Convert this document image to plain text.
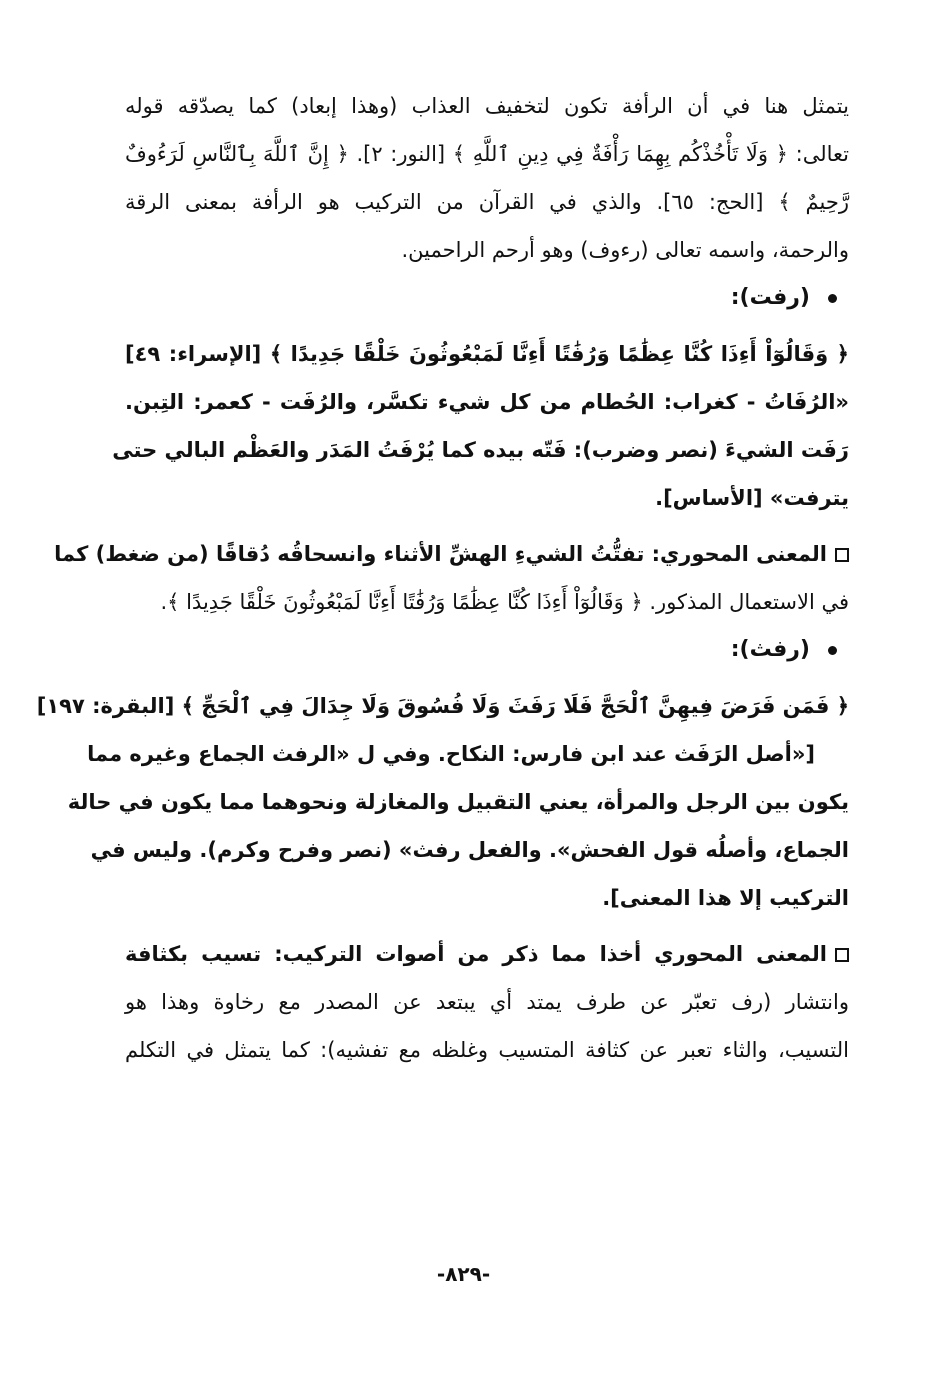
يتمثل هنا في أن الرأفة تكون لتخفيف العذاب (وهذا إبعاد) كما يصدّقه قوله
تعالى: ﴿ وَلَا تَأْخُذْكُم بِهِمَا رَأْفَةٌ فِي دِينِ ٱللَّهِ ﴾ [النور: ٢]. ﴿ إِنَّ ٱللَّهَ بِٱلنَّاسِ لَرَءُوفٌ
رَّحِيمٌ ﴾ [الحج: ٦٥]. والذي في القرآن من التركيب هو الرأفة بمعنى الرقة
والرحمة، واسمه تعالى (رءوف) وهو أرحم الراحمين.
(رفت):
﴿ وَقَالُوٓاْ أَءِذَا كُنَّا عِظَٰمًا وَرُفَٰتًا أَءِنَّا لَمَبْعُوثُونَ خَلْقًا جَدِيدًا ﴾ [الإسراء: ٤٩]
«الرُفَاتُ - كغراب: الحُطام من كل شيء تكسَّر، والرُفَت - كعمر: التِبن.
رَفَت الشيءَ (نصر وضرب): فَتّه بيده كما يُرْفَتُ المَدَر والعَظْم البالي حتى
يترفت» [الأساس].
المعنى المحوري: تفتُّتُ الشيءِ الهشِّ الأثناء وانسحاقُه دُقاقًا (من ضغط) كما
في الاستعمال المذكور. ﴿ وَقَالُوٓاْ أَءِذَا كُنَّا عِظَٰمًا وَرُفَٰتًا أَءِنَّا لَمَبْعُوثُونَ خَلْقًا جَدِيدًا ﴾.
(رفث):
﴿ فَمَن فَرَضَ فِيهِنَّ ٱلْحَجَّ فَلَا رَفَثَ وَلَا فُسُوقَ وَلَا جِدَالَ فِي ٱلْحَجِّ ﴾ [البقرة: ١٩٧]
[«أصل الرَفَث عند ابن فارس: النكاح. وفي ل «الرفث الجماع وغيره مما
يكون بين الرجل والمرأة، يعني التقبيل والمغازلة ونحوهما مما يكون في حالة
الجماع، وأصلُه قول الفحش». والفعل رفث» (نصر وفرح وكرم). وليس في
التركيب إلا هذا المعنى].
المعنى المحوري أخذا مما ذكر من أصوات التركيب: تسيب بكثافة
وانتشار (رف تعبّر عن طرف يمتد أي يبتعد عن المصدر مع رخاوة وهذا هو
التسيب، والثاء تعبر عن كثافة المتسيب وغلظه مع تفشيه): كما يتمثل في التكلم
-٨٢٩-
